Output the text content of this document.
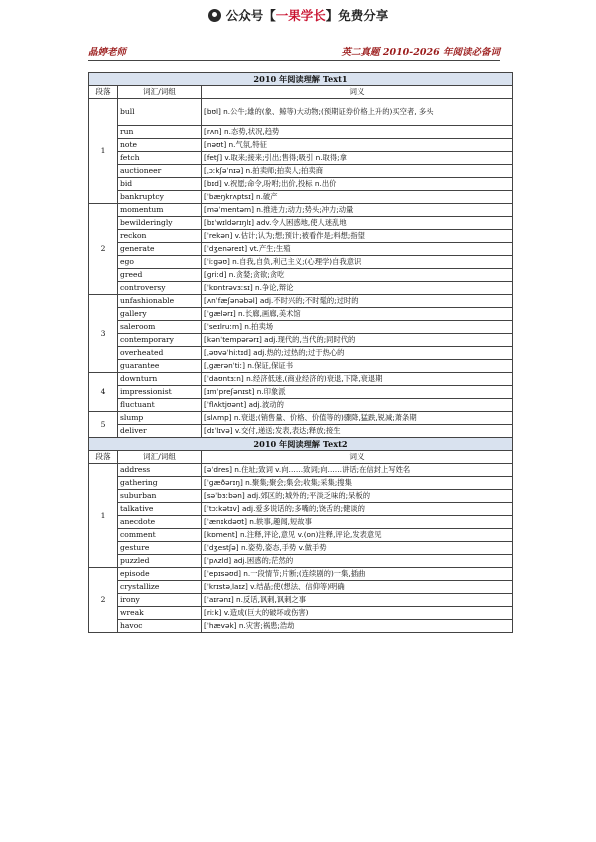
公众号【一果学长】免费分享
晶婷老师	英二真题 2010-2026 年阅读必备词
2010 年阅读理解 Text1		
段落	词汇/词组	词义
1	bull	[bʊl] n.公牛;雄的(象、鲸等)大动物;(预期证券价格上升的)买空者, 多头
	run	[rʌn] n.态势,状况,趋势
	note	[nəʊt] n.气氛,特征
	fetch	[fetʃ] v.取来;接来;引出;售得;吸引 n.取得;拿
	auctioneer	[ˌɔːkʃəˈnɪə] n.拍卖师;拍卖人;拍卖商
	bid	[bɪd] v.祝愿;命令,吩咐;出价,投标 n.出价
	bankruptcy	[ˈbæŋkrʌptsɪ] n.破产
2	momentum	[məˈmentəm] n.推进力;动力;势头;冲力;动量
	bewilderingly	[bɪˈwɪldərɪŋlɪ] adv.令人困惑地,使人迷乱地
	reckon	[ˈrekən] v.估计;认为;想;预计;被看作是;料想;指望
	generate	[ˈdʒenəreɪt] vt.产生;生殖
	ego	[ˈiːgəʊ] n.自我,自负,利己主义;(心理学)自我意识
	greed	[griːd] n.贪婪;贪欲;贪吃
	controversy	[ˈkɒntrəvɜːsɪ] n.争论,辩论
3	unfashionable	[ʌnˈfæʃənəbəl] adj.不时兴的;不时髦的;过时的
	gallery	[ˈgælərɪ] n.长廊,画廊,美术馆
	saleroom	[ˈseɪlruːm] n.拍卖场
	contemporary	[kənˈtempərərɪ] adj.现代的,当代的;同时代的
	overheated	[ˌəʊvəˈhiːtɪd] adj.热的;过热的;过于热心的
	guarantee	[ˌgærənˈtiː] n.保证,保证书
4	downturn	[ˈdaʊntɜːn] n.经济低迷,(商业经济的)衰退,下降,衰退期
	impressionist	[ɪmˈpreʃənɪst] n.印象派
	fluctuant	[ˈflʌktjʊənt] adj.波动的
5	slump	[slʌmp] n.衰退;(销售量、价格、价值等的)骤降,猛跌,锐减;萧条期
	deliver	[dɪˈlɪvə] v.交付,递送;发表,表达;释放;接生
2010 年阅读理解 Text2		
段落	词汇/词组	词义
1	address	[əˈdres] n.住址;致词 v.向……致词;向……讲话;在信封上写姓名
	gathering	[ˈgæðərɪŋ] n.聚集;聚会;集会;收集;采集;搜集
	suburban	[səˈbɜːbən] adj.郊区的;城外的;平淡乏味的;呆板的
	talkative	[ˈtɔːkətɪv] adj.爱多说话的;多嘴的;饶舌的;健谈的
	anecdote	[ˈænɪkdəʊt] n.轶事,趣闻,短故事
	comment	[kɒment] n.注释,评论,意见 v.(on)注释,评论,发表意见
	gesture	[ˈdʒestʃə] n.姿势,姿态,手势 v.做手势
	puzzled	[ˈpʌzld] adj.困惑的;茫然的
2	episode	[ˈepɪsəʊd] n.一段情节;片断;(连续剧的)一集,插曲
	crystallize	[ˈkrɪstəˌlaɪz] v.结晶;使(想法、信仰等)明确
	irony	[ˈaɪrənɪ] n.反话,讽刺,讽刺之事
	wreak	[riːk] v.造成(巨大的破坏或伤害)
	havoc	[ˈhævək] n.灾害;祸患;浩劫
